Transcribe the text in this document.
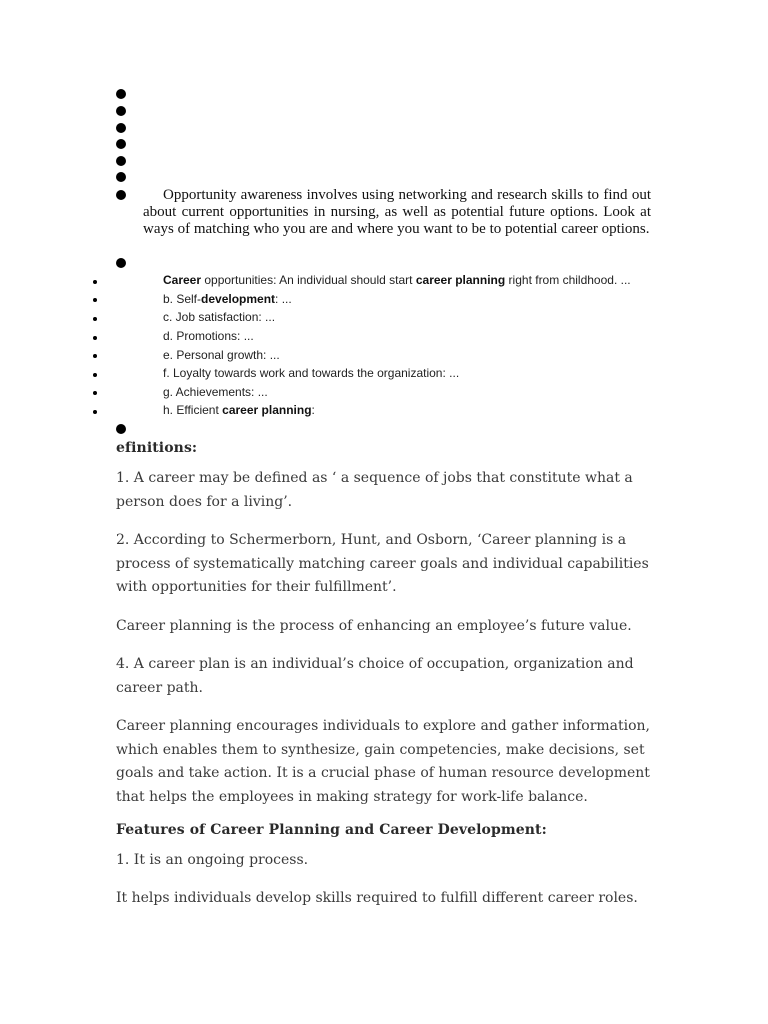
Opportunity awareness involves using networking and research skills to find out about current opportunities in nursing, as well as potential future options. Look at ways of matching who you are and where you want to be to potential career options.
Career opportunities: An individual should start career planning right from childhood. ...
b. Self-development: ...
c. Job satisfaction: ...
d. Promotions: ...
e. Personal growth: ...
f. Loyalty towards work and towards the organization: ...
g. Achievements: ...
h. Efficient career planning:
efinitions:
1. A career may be defined as ‘ a sequence of jobs that constitute what a person does for a living’.
2. According to Schermerborn, Hunt, and Osborn, ‘Career planning is a process of systematically matching career goals and individual capabilities with opportunities for their fulfillment’.
Career planning is the process of enhancing an employee’s future value.
4. A career plan is an individual’s choice of occupation, organization and career path.
Career planning encourages individuals to explore and gather information, which enables them to synthesize, gain competencies, make decisions, set goals and take action. It is a crucial phase of human resource development that helps the employees in making strategy for work-life balance.
Features of Career Planning and Career Development:
1. It is an ongoing process.
It helps individuals develop skills required to fulfill different career roles.
